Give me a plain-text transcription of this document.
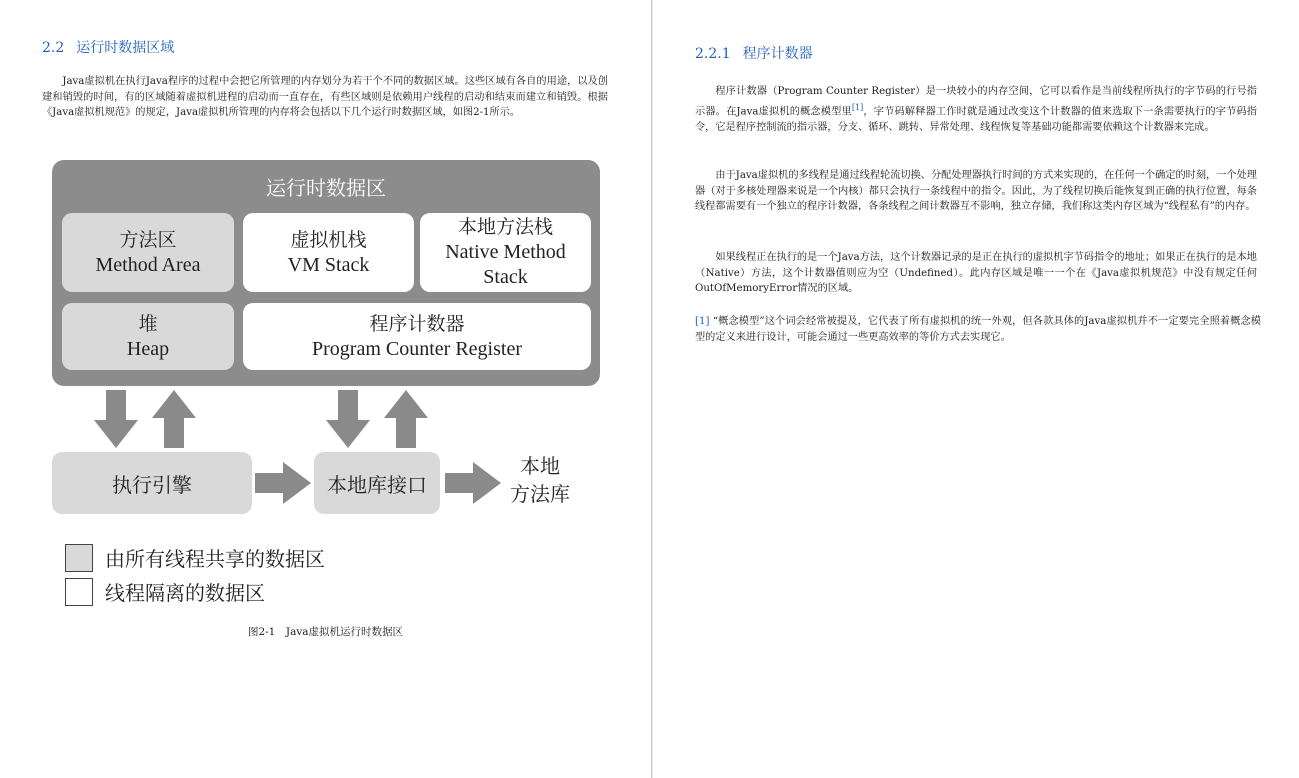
2.2 运行时数据区域

Java虚拟机在执行Java程序的过程中会把它所管理的内存划分为若干个不同的数据区域。这些区域有各自的用途，以及创建和销毁的时间，有的区域随着虚拟机进程的启动而一直存在，有些区域则是依赖用户线程的启动和结束而建立和销毁。根据《Java虚拟机规范》的规定，Java虚拟机所管理的内存将会包括以下几个运行时数据区域，如图2-1所示。

运行时数据区
方法区
Method Area
虚拟机栈
VM Stack
本地方法栈
Native Method
Stack
堆
Heap
程序计数器
Program Counter Register
执行引擎	本地库接口
本地
方法库
由所有线程共享的数据区
线程隔离的数据区
图2-1　Java虚拟机运行时数据区
2.2.1 程序计数器

程序计数器（Program Counter Register）是一块较小的内存空间，它可以看作是当前线程所执行的字节码的行号指示器。在Java虚拟机的概念模型里[1]，字节码解释器工作时就是通过改变这个计数器的值来选取下一条需要执行的字节码指令，它是程序控制流的指示器，分支、循环、跳转、异常处理、线程恢复等基础功能都需要依赖这个计数器来完成。

由于Java虚拟机的多线程是通过线程轮流切换、分配处理器执行时间的方式来实现的，在任何一个确定的时刻，一个处理器（对于多核处理器来说是一个内核）都只会执行一条线程中的指令。因此，为了线程切换后能恢复到正确的执行位置，每条线程都需要有一个独立的程序计数器，各条线程之间计数器互不影响，独立存储，我们称这类内存区域为“线程私有”的内存。

如果线程正在执行的是一个Java方法，这个计数器记录的是正在执行的虚拟机字节码指令的地址；如果正在执行的是本地（Native）方法，这个计数器值则应为空（Undefined）。此内存区域是唯一一个在《Java虚拟机规范》中没有规定任何OutOfMemoryError情况的区域。

[1] “概念模型”这个词会经常被提及，它代表了所有虚拟机的统一外观，但各款具体的Java虚拟机并不一定要完全照着概念模型的定义来进行设计，可能会通过一些更高效率的等价方式去实现它。
